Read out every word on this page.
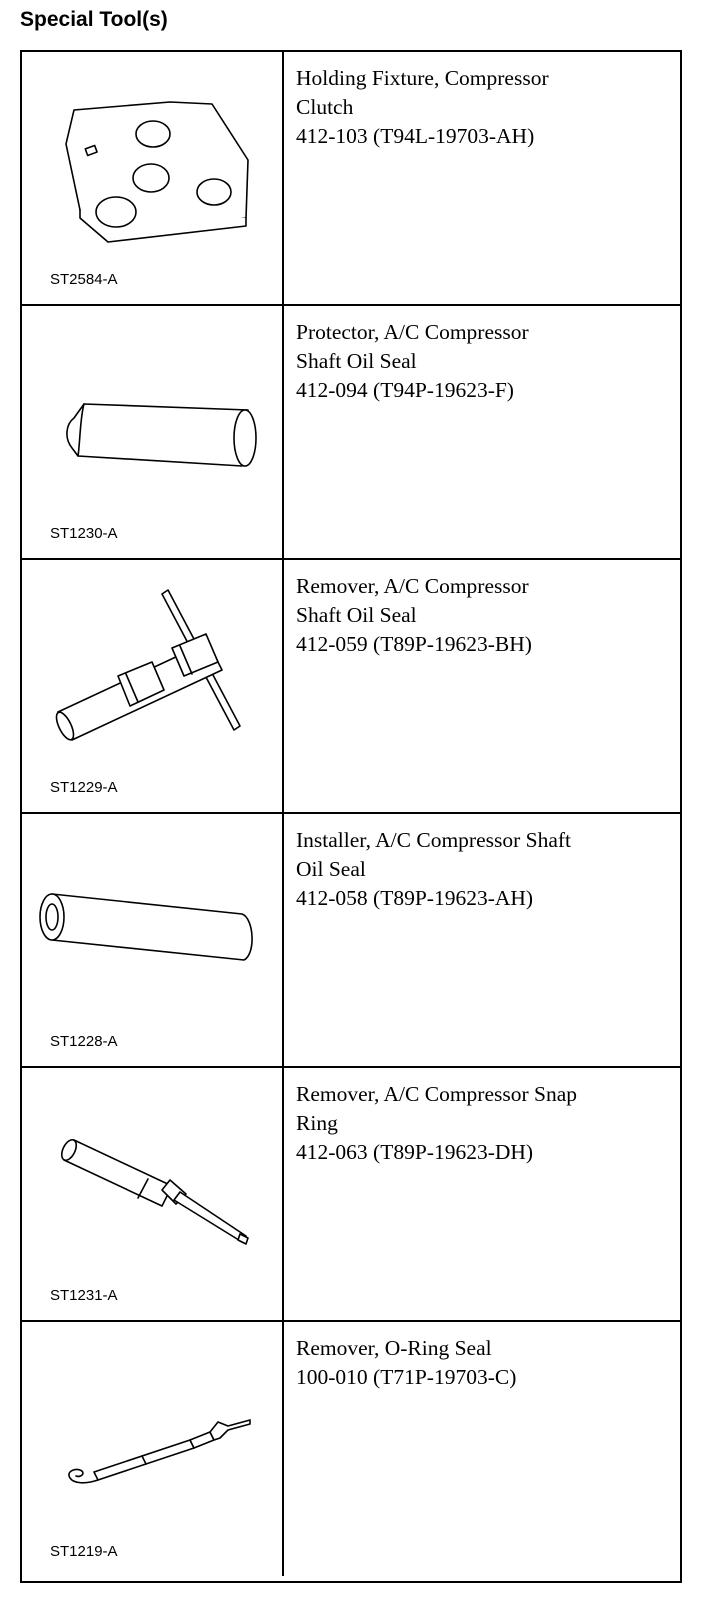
Special Tool(s)
ST2584-A
Holding Fixture, Compressor
Clutch
412-103 (T94L-19703-AH)
ST1230-A
Protector, A/C Compressor
Shaft Oil Seal
412-094 (T94P-19623-F)
ST1229-A
Remover, A/C Compressor
Shaft Oil Seal
412-059 (T89P-19623-BH)
ST1228-A
Installer, A/C Compressor Shaft
Oil Seal
412-058 (T89P-19623-AH)
ST1231-A
Remover, A/C Compressor Snap
Ring
412-063 (T89P-19623-DH)
ST1219-A
Remover, O-Ring Seal
100-010 (T71P-19703-C)
